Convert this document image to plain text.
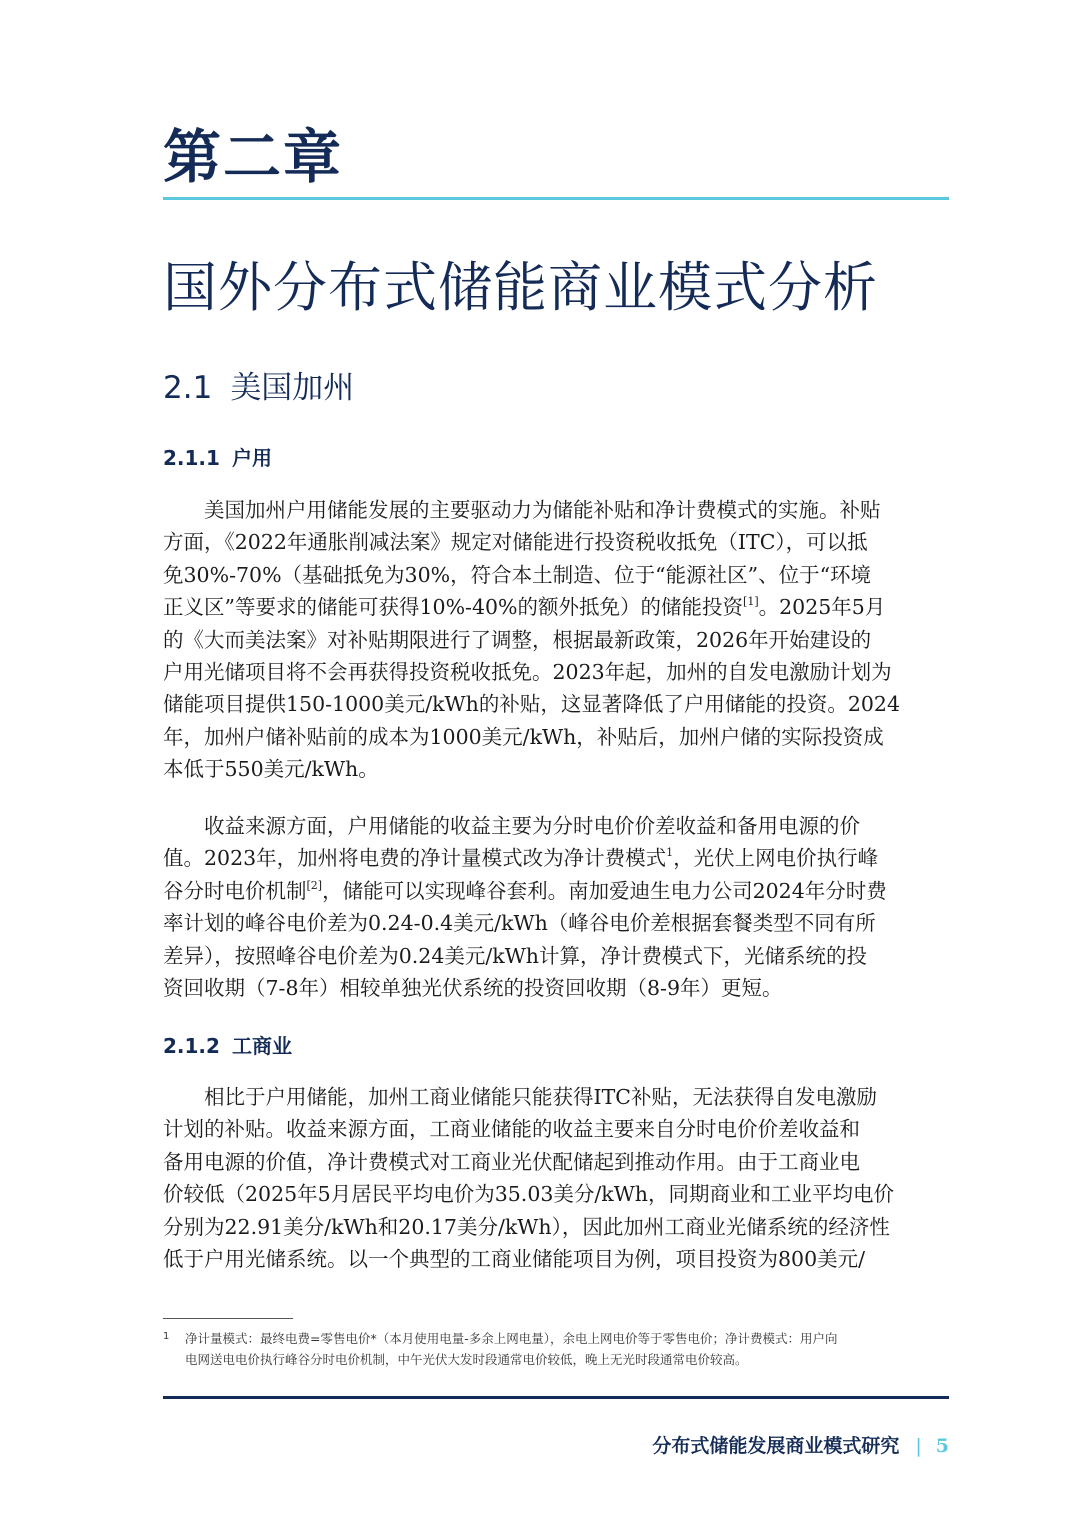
第二章
国外分布式储能商业模式分析
2.1 美国加州
2.1.1 户用
美国加州户用储能发展的主要驱动力为储能补贴和净计费模式的实施。补贴
方面，《2022年通胀削减法案》规定对储能进行投资税收抵免（ITC），可以抵
免30%-70%（基础抵免为30%，符合本土制造、位于“能源社区”、位于“环境
正义区”等要求的储能可获得10%-40%的额外抵免）的储能投资[1]。2025年5月
的《大而美法案》对补贴期限进行了调整，根据最新政策，2026年开始建设的
户用光储项目将不会再获得投资税收抵免。2023年起，加州的自发电激励计划为
储能项目提供150-1000美元/kWh的补贴，这显著降低了户用储能的投资。2024
年，加州户储补贴前的成本为1000美元/kWh，补贴后，加州户储的实际投资成
本低于550美元/kWh。
收益来源方面，户用储能的收益主要为分时电价价差收益和备用电源的价
值。2023年，加州将电费的净计量模式改为净计费模式$^1$，光伏上网电价执行峰
谷分时电价机制[2]，储能可以实现峰谷套利。南加爱迪生电力公司2024年分时费
率计划的峰谷电价差为0.24-0.4美元/kWh（峰谷电价差根据套餐类型不同有所
差异），按照峰谷电价差为0.24美元/kWh计算，净计费模式下，光储系统的投
资回收期（7-8年）相较单独光伏系统的投资回收期（8-9年）更短。
2.1.2 工商业
相比于户用储能，加州工商业储能只能获得ITC补贴，无法获得自发电激励
计划的补贴。收益来源方面，工商业储能的收益主要来自分时电价价差收益和
备用电源的价值，净计费模式对工商业光伏配储起到推动作用。由于工商业电
价较低（2025年5月居民平均电价为35.03美分/kWh，同期商业和工业平均电价
分别为22.91美分/kWh和20.17美分/kWh），因此加州工商业光储系统的经济性
低于户用光储系统。以一个典型的工商业储能项目为例，项目投资为800美元/
1	净计量模式：最终电费=零售电价*（本月使用电量-多余上网电量），余电上网电价等于零售电价；净计费模式：用户向
电网送电电价执行峰谷分时电价机制，中午光伏大发时段通常电价较低，晚上无光时段通常电价较高。
分布式储能发展商业模式研究 | 5
